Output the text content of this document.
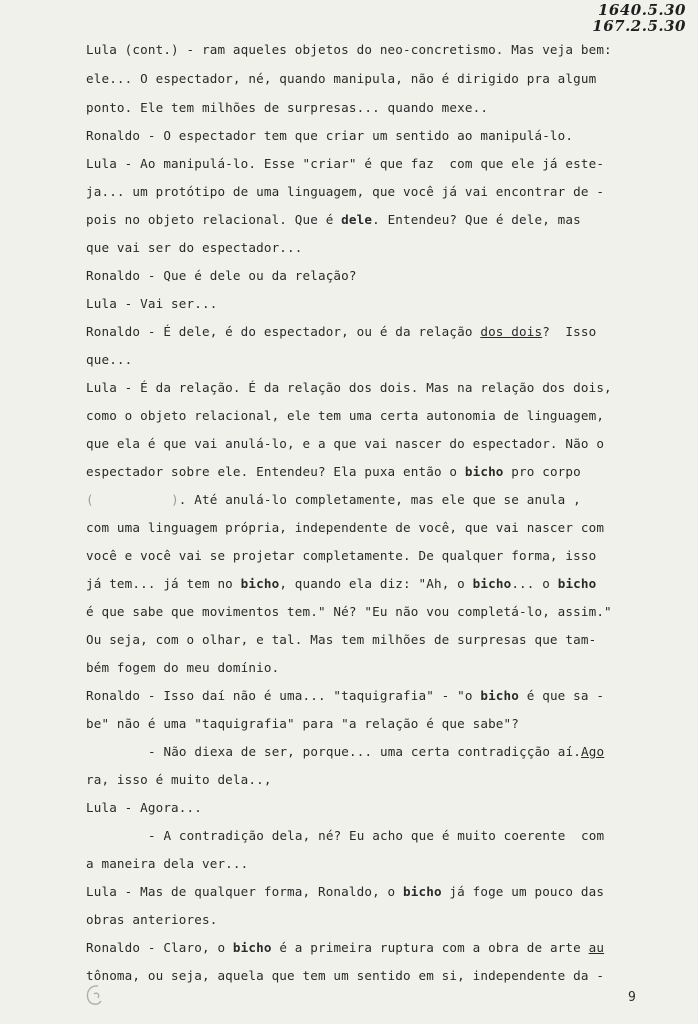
1640.5.30
167.2.5.30
Lula (cont.) - ram aqueles objetos do neo-concretismo. Mas veja bem:
ele... O espectador, né, quando manipula, não é dirigido pra algum
ponto. Ele tem milhões de surpresas... quando mexe..
Ronaldo - O espectador tem que criar um sentido ao manipulá-lo.
Lula - Ao manipulá-lo. Esse "criar" é que faz  com que ele já este-
ja... um protótipo de uma linguagem, que você já vai encontrar de -
pois no objeto relacional. Que é dele. Entendeu? Que é dele, mas
que vai ser do espectador...
Ronaldo - Que é dele ou da relação?
Lula - Vai ser...
Ronaldo - É dele, é do espectador, ou é da relação dos dois?  Isso
que...
Lula - É da relação. É da relação dos dois. Mas na relação dos dois,
como o objeto relacional, ele tem uma certa autonomia de linguagem,
que ela é que vai anulá-lo, e a que vai nascer do espectador. Não o
espectador sobre ele. Entendeu? Ela puxa então o bicho pro corpo
(	). Até anulá-lo completamente, mas ele que se anula ,
com uma linguagem própria, independente de você, que vai nascer com
você e você vai se projetar completamente. De qualquer forma, isso
já tem... já tem no bicho, quando ela diz: "Ah, o bicho... o bicho
é que sabe que movimentos tem." Né? "Eu não vou completá-lo, assim."
Ou seja, com o olhar, e tal. Mas tem milhões de surpresas que tam-
bém fogem do meu domínio.
Ronaldo - Isso daí não é uma... "taquigrafia" - "o bicho é que sa -
be" não é uma "taquigrafia" para "a relação é que sabe"?
- Não diexa de ser, porque... uma certa contradiçção aí.Ago
ra, isso é muito dela..,
Lula - Agora...
- A contradição dela, né? Eu acho que é muito coerente  com
a maneira dela ver...
Lula - Mas de qualquer forma, Ronaldo, o bicho já foge um pouco das
obras anteriores.
Ronaldo - Claro, o bicho é a primeira ruptura com a obra de arte au
tônoma, ou seja, aquela que tem um sentido em si, independente da -
9
